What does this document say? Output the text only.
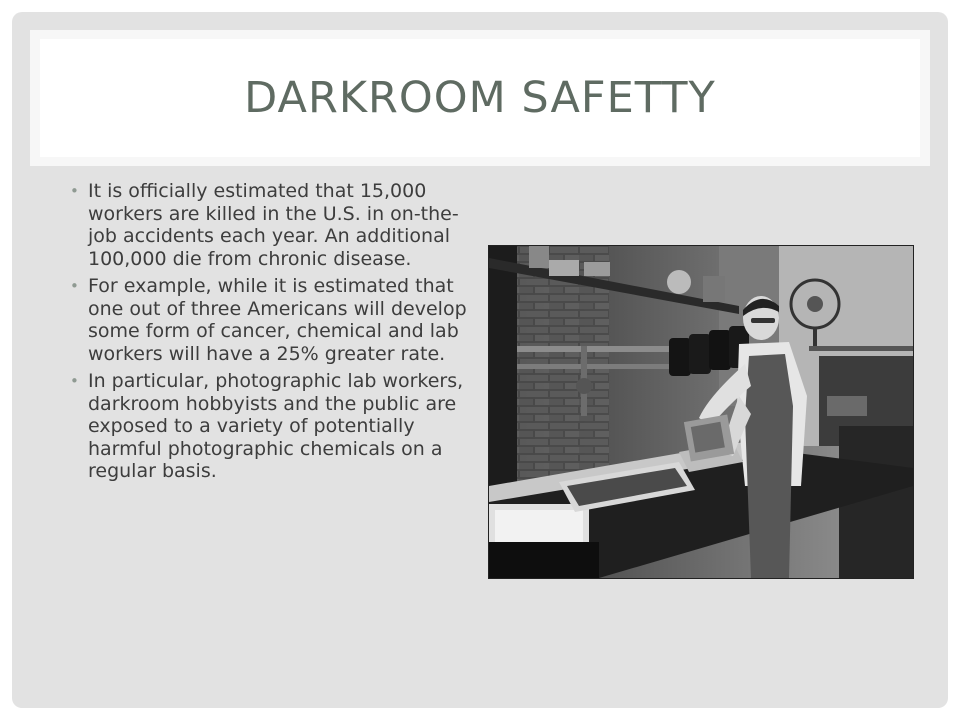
DARKROOM SAFETTY
• It is officially estimated that 15,000 workers are killed in the U.S. in on-the-job accidents each year. An additional 100,000 die from chronic disease.
• For example, while it is estimated that one out of three Americans will develop some form of cancer, chemical and lab workers will have a 25% greater rate.
• In particular, photographic lab workers, darkroom hobbyists and the public are exposed to a variety of potentially harmful photographic chemicals on a regular basis.
